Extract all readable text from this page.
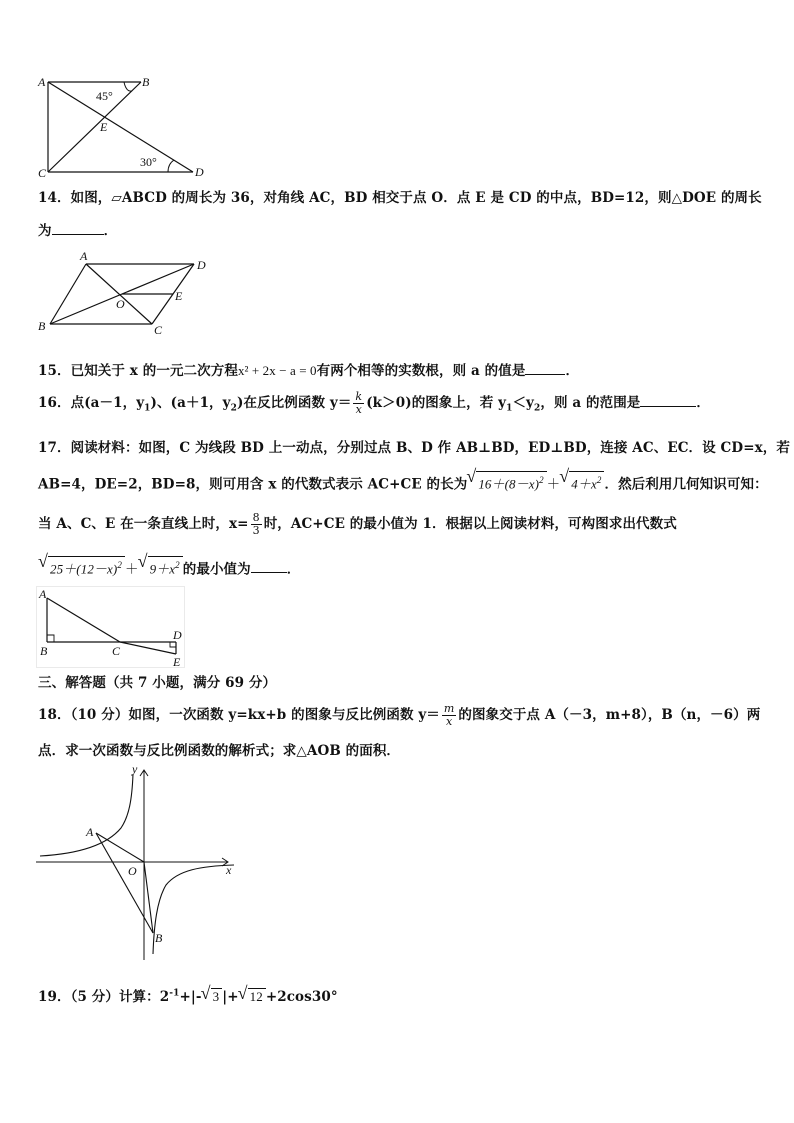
A	B
C	D
E
45°
30°
14．如图，▱ABCD 的周长为 36，对角线 AC，BD 相交于点 O．点 E 是 CD 的中点，BD=12，则△DOE 的周长
为	．
A
B	C
D
E
O
15．已知关于 x 的一元二次方程x² + 2x − a = 0有两个相等的实数根，则 a 的值是	．
16．点(a－1，$y_1$)、(a＋1，$y_2$)在反比例函数 $y= \frac{k}{x} (k>0)$的图象上，若 $y_1<y_2$，则 a 的范围是	．
17．阅读材料：如图，C 为线段 BD 上一动点，分别过点 B、D 作 AB⊥BD，ED⊥BD，连接 AC、EC．设 CD=x，若
AB=4，DE=2，BD=8，则可用含 x 的代数式表示 AC+CE 的长为√ $16+(8-x)^2$ ＋√ $4+x^2$ ．然后利用几何知识可知：
当 A、C、E 在一条直线上时，$x= \frac{8}{3}$ 时，AC+CE 的最小值为 1．根据以上阅读材料，可构图求出代数式
√ $25+(12-x)^2$ ＋√ $9+x^2$ 的最小值为	．
A
B	C
D
E
三、解答题（共 7 小题，满分 69 分）
18．（10 分）如图，一次函数 y=kx+b 的图象与反比例函数 $y= \frac{m}{x}$ 的图象交于点 A（－3，m+8），B（n，－6）两
点．求一次函数与反比例函数的解析式；求△AOB 的面积．
y
x
A
O
B
19．（5 分）计算：$2^{-1}+|-√$ 3 |+√ 12 +2cos30°
